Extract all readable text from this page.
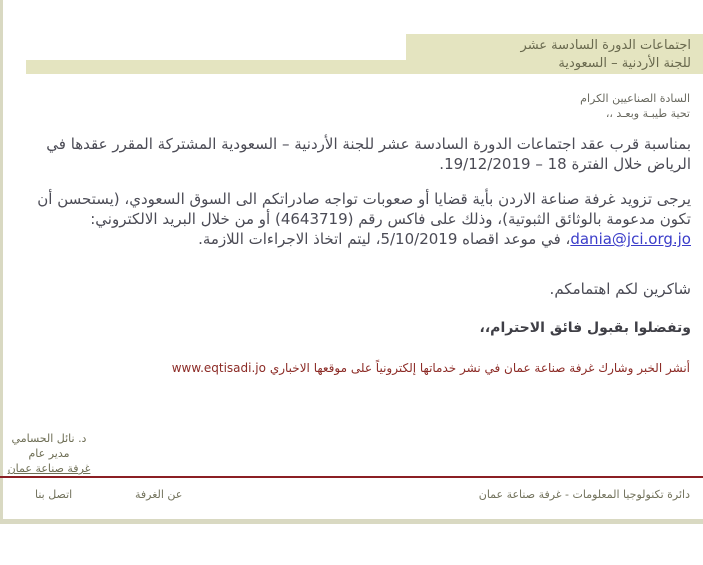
اجتماعات الدورة السادسة عشر
للجنة الأردنية – السعودية
السادة الصناعيين الكرام
تحية طيبـة وبعـد ،،
بمناسبة قرب عقد اجتماعات الدورة السادسة عشر للجنة الأردنية – السعودية المشتركة المقرر عقدها في الرياض خلال الفترة 18 – 19/12/2019.
يرجى تزويد غرفة صناعة الاردن بأية قضايا أو صعوبات تواجه صادراتكم الى السوق السعودي، (يستحسن أن تكون مدعومة بالوثائق الثبوتية)، وذلك على فاكس رقم (4643719) أو من خلال البريد الالكتروني: dania@jci.org.jo، في موعد اقصاه 5/10/2019، ليتم اتخاذ الاجراءات اللازمة.
شاكرين لكم اهتمامكم.
وتفضلوا بقبول فائق الاحترام،،
أنشر الخبر وشارك غرفة صناعة عمان في نشر خدماتها إلكترونياً على موقعها الاخباري www.eqtisadi.jo
د. نائل الحسامي
مدير عام
غرفة صناعة عمان
اتصل بنا	عن الغرفة	دائرة تكنولوجيا المعلومات - غرفة صناعة عمان
